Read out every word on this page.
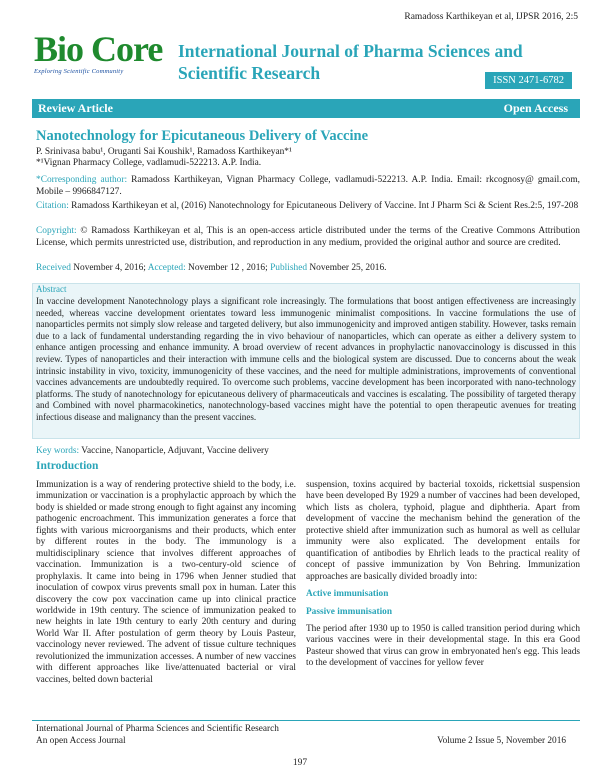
Ramadoss Karthikeyan et al, IJPSR 2016, 2:5
Bio Core
Exploring Scientific Community
International Journal of Pharma Sciences and Scientific Research	ISSN 2471-6782
Review Article	Open Access
Nanotechnology for Epicutaneous Delivery of Vaccine
P. Srinivasa babu¹, Oruganti Sai Koushik¹, Ramadoss Karthikeyan*¹
*¹Vignan Pharmacy College, vadlamudi-522213. A.P. India.
*Corresponding author: Ramadoss Karthikeyan, Vignan Pharmacy College, vadlamudi-522213. A.P. India. Email: rkcognosy@ gmail.com, Mobile – 9966847127.
Citation: Ramadoss Karthikeyan et al, (2016) Nanotechnology for Epicutaneous Delivery of Vaccine. Int J Pharm Sci & Scient Res.2:5, 197-208
Copyright: © Ramadoss Karthikeyan et al, This is an open-access article distributed under the terms of the Creative Commons Attribution License, which permits unrestricted use, distribution, and reproduction in any medium, provided the original author and source are credited.
Received November 4, 2016; Accepted: November 12 , 2016; Published November 25, 2016.
Abstract
In vaccine development Nanotechnology plays a significant role increasingly. The formulations that boost antigen effectiveness are increasingly needed, whereas vaccine development orientates toward less immunogenic minimalist compositions. In vaccine formulations the use of nanoparticles permits not simply slow release and targeted delivery, but also immunogenicity and improved antigen stability. However, tasks remain due to a lack of fundamental understanding regarding the in vivo behaviour of nanoparticles, which can operate as either a delivery system to enhance antigen processing and enhance immunity. A broad overview of recent advances in prophylactic nanovaccinology is discussed in this review. Types of nanoparticles and their interaction with immune cells and the biological system are discussed. Due to concerns about the weak intrinsic instability in vivo, toxicity, immunogenicity of these vaccines, and the need for multiple administrations, improvements of conventional vaccines advancements are undoubtedly required. To overcome such problems, vaccine development has been incorporated with nano-technology platforms. The study of nanotechnology for epicutaneous delivery of pharmaceuticals and vaccines is escalating. The possibility of targeted therapy and Combined with novel pharmacokinetics, nanotechnology-based vaccines might have the potential to open therapeutic avenues for treating infectious disease and malignancy than the present vaccines.
Key words: Vaccine, Nanoparticle, Adjuvant, Vaccine delivery
Introduction

Immunization is a way of rendering protective shield to the body, i.e. immunization or vaccination is a prophylactic approach by which the body is shielded or made strong enough to fight against any incoming pathogenic encroachment. This immunization generates a force that fights with various microorganisms and their products, which enter by different routes in the body. The immunology is a multidisciplinary science that involves different approaches of vaccination. Immunization is a two-century-old science of prophylaxis. It came into being in 1796 when Jenner studied that inoculation of cowpox virus prevents small pox in human. Later this discovery the cow pox vaccination came up into clinical practice worldwide in 19th century. The science of immunization peaked to new heights in late 19th century to early 20th century and during World War II. After postulation of germ theory by Louis Pasteur, vaccinology never reviewed. The advent of tissue culture techniques revolutionized the immunization accesses. A number of new vaccines with different approaches like live/attenuated bacterial or viral vaccines, belted down bacterial

suspension, toxins acquired by bacterial toxoids, rickettsial suspension have been developed By 1929 a number of vaccines had been developed, which lists as cholera, typhoid, plague and diphtheria. Apart from development of vaccine the mechanism behind the generation of the protective shield after immunization such as humoral as well as cellular immunity were also explicated. The development entails for quantification of antibodies by Ehrlich leads to the practical reality of concept of passive immunization by Von Behring. Immunization approaches are basically divided broadly into:

Active immunisation
Passive immunisation

The period after 1930 up to 1950 is called transition period during which various vaccines were in their developmental stage. In this era Good Pasteur showed that virus can grow in embryonated hen's egg. This leads to the development of vaccines for yellow fever

International Journal of Pharma Sciences and Scientific Research
An open Access Journal	Volume 2 Issue 5, November 2016
197
